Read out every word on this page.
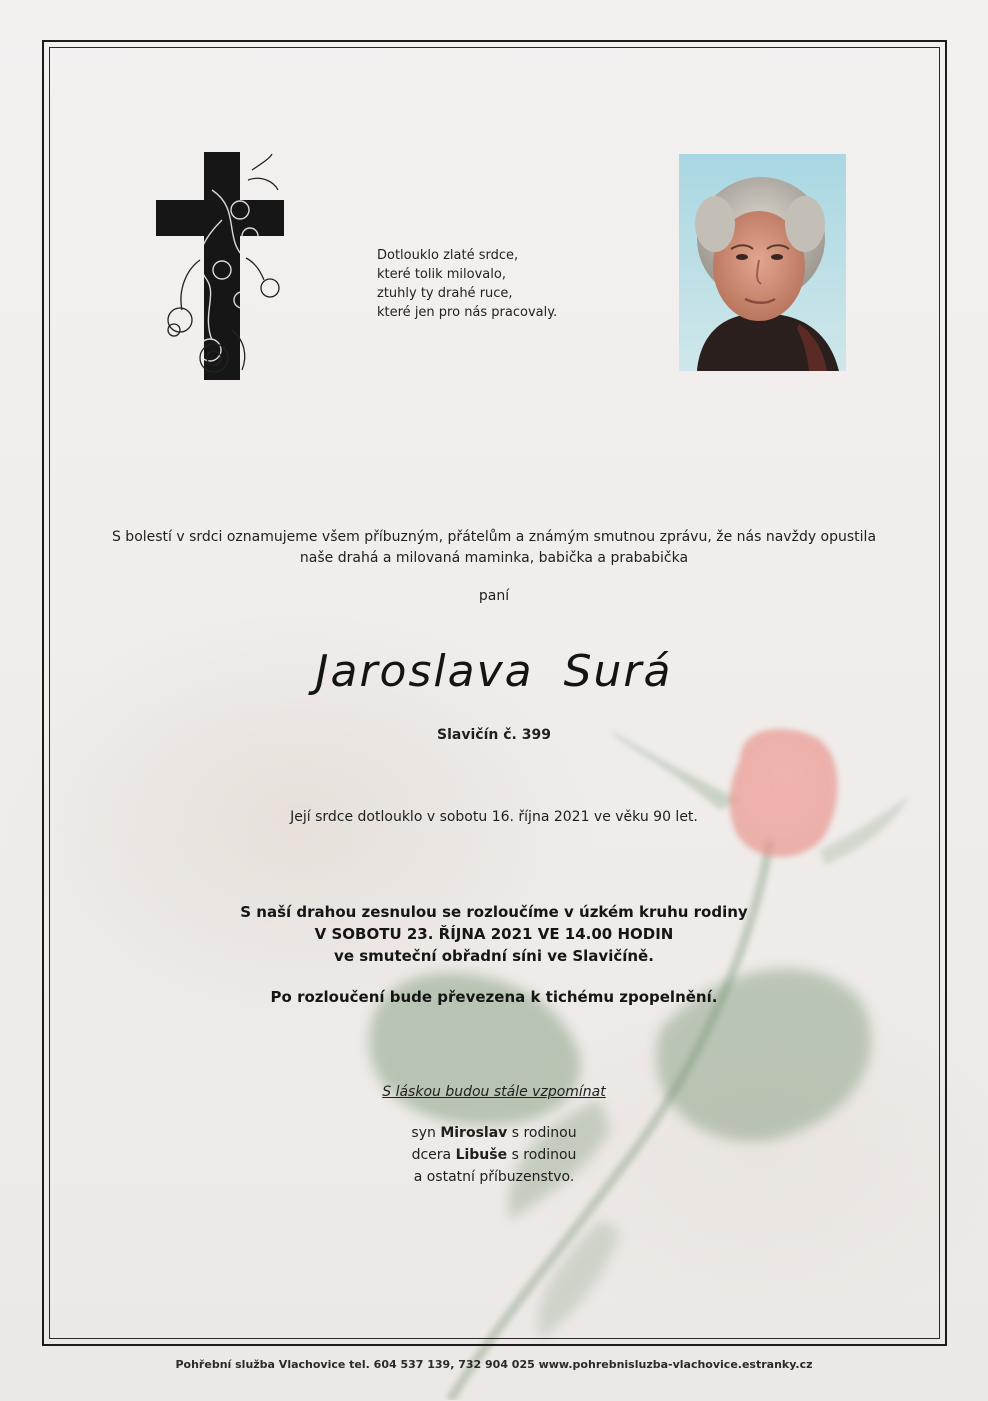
Dotlouklo zlaté srdce,
které tolik milovalo,
ztuhly ty drahé ruce,
které jen pro nás pracovaly.
S bolestí v srdci oznamujeme všem příbuzným, přátelům a známým smutnou zprávu, že nás navždy opustila
naše drahá a milovaná maminka, babička a prababička
paní
Jaroslava Surá
Slavičín č. 399
Její srdce dotlouklo v sobotu 16. října 2021 ve věku 90 let.
S naší drahou zesnulou se rozloučíme v úzkém kruhu rodiny
V SOBOTU 23. ŘÍJNA 2021 VE 14.00 HODIN
ve smuteční obřadní síni ve Slavičíně.
Po rozloučení bude převezena k tichému zpopelnění.
S láskou budou stále vzpomínat
syn Miroslav s rodinou
dcera Libuše s rodinou
a ostatní příbuzenstvo.
Pohřební služba Vlachovice tel. 604 537 139, 732 904 025 www.pohrebnisluzba-vlachovice.estranky.cz
